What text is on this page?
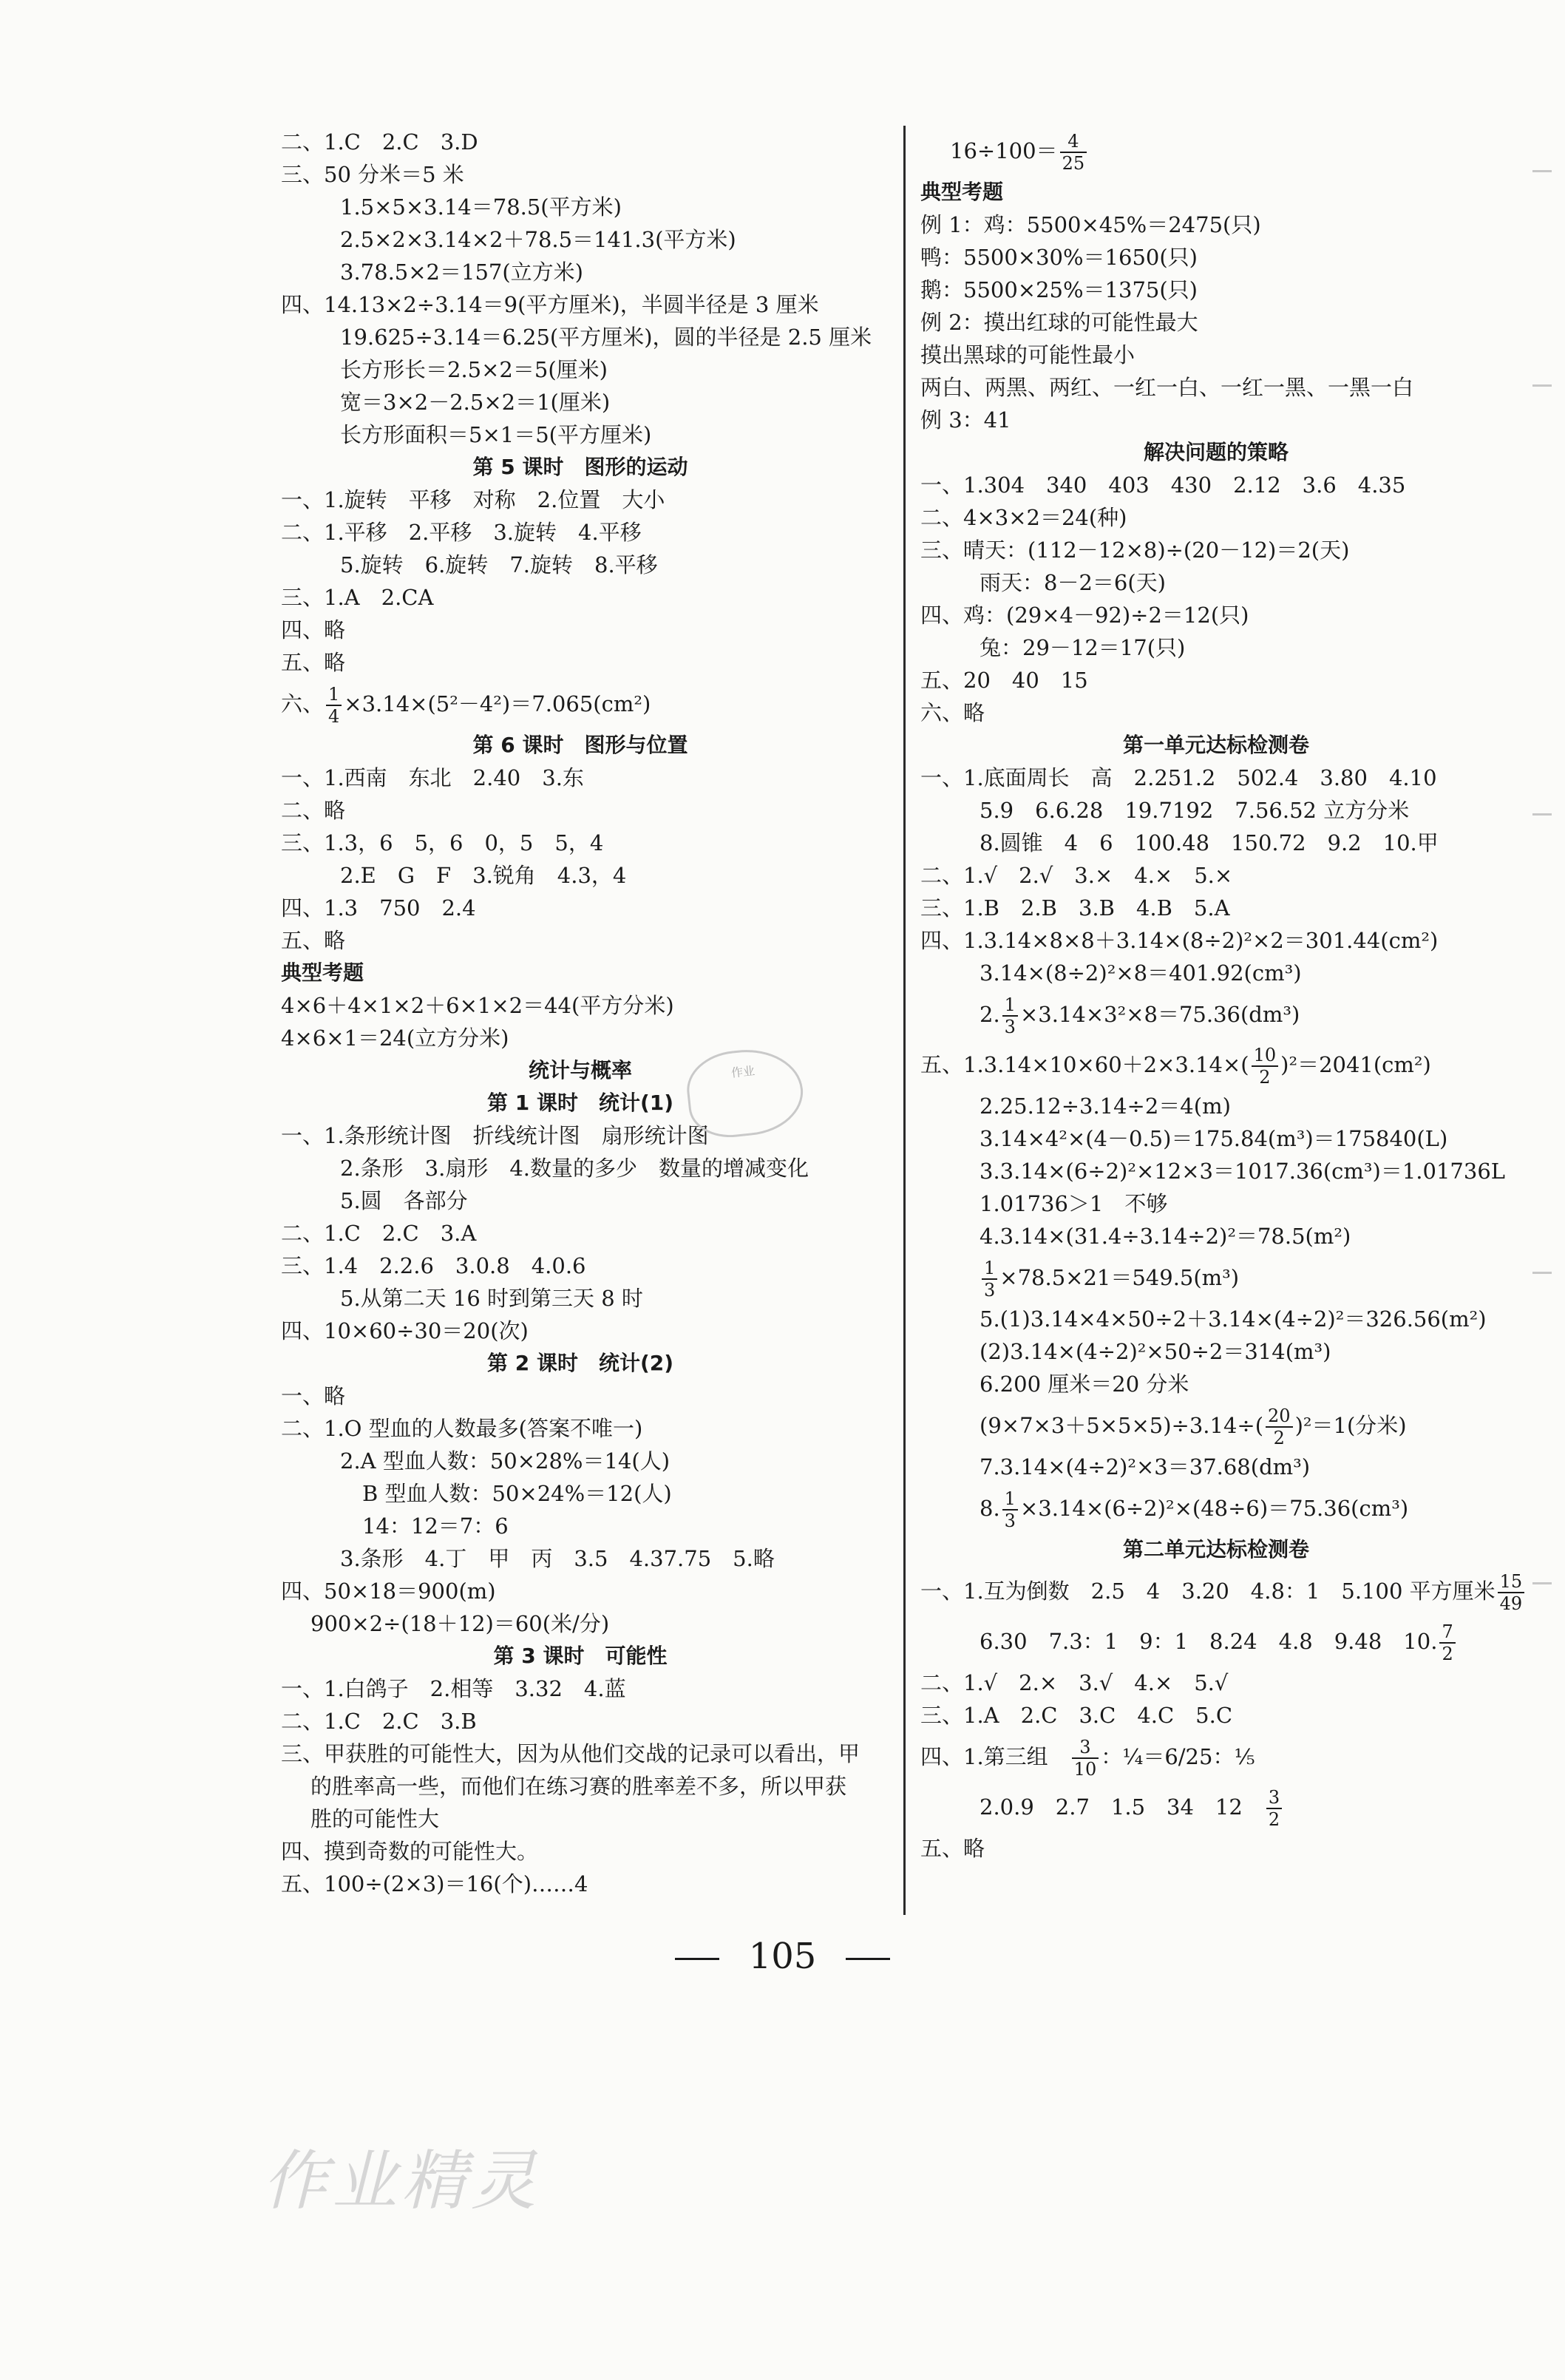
二、1.C　2.C　3.D
三、50 分米＝5 米
1.5×5×3.14＝78.5(平方米)
2.5×2×3.14×2＋78.5＝141.3(平方米)
3.78.5×2＝157(立方米)
四、14.13×2÷3.14＝9(平方厘米)，半圆半径是 3 厘米
19.625÷3.14＝6.25(平方厘米)，圆的半径是 2.5 厘米
长方形长＝2.5×2＝5(厘米)
宽＝3×2－2.5×2＝1(厘米)
长方形面积＝5×1＝5(平方厘米)
第 5 课时　图形的运动
一、1.旋转　平移　对称　2.位置　大小
二、1.平移　2.平移　3.旋转　4.平移
5.旋转　6.旋转　7.旋转　8.平移
三、1.A　2.CA
四、略
五、略
六、 $\frac{1}{4} \times 3.14\times(5^2-4^2)=7.065(cm^2)$
第 6 课时　图形与位置
一、1.西南　东北　2.40　3.东
二、略
三、1.3，6　5，6　0，5　5，4
2.E　G　F　3.锐角　4.3，4
四、1.3　750　2.4
五、略
典型考题
4×6＋4×1×2＋6×1×2＝44(平方分米)
4×6×1＝24(立方分米)
统计与概率
第 1 课时　统计(1)
一、1.条形统计图　折线统计图　扇形统计图
2.条形　3.扇形　4.数量的多少　数量的增减变化
5.圆　各部分
二、1.C　2.C　3.A
三、1.4　2.2.6　3.0.8　4.0.6
5.从第二天 16 时到第三天 8 时
四、10×60÷30＝20(次)
第 2 课时　统计(2)
一、略
二、1.O 型血的人数最多(答案不唯一)
2.A 型血人数：50×28%＝14(人)
B 型血人数：50×24%＝12(人)
14：12＝7：6
3.条形　4.丁　甲　丙　3.5　4.37.75　5.略
四、50×18＝900(m)
900×2÷(18＋12)＝60(米/分)
第 3 课时　可能性
一、1.白鸽子　2.相等　3.32　4.蓝
二、1.C　2.C　3.B
三、甲获胜的可能性大，因为从他们交战的记录可以看出，甲
的胜率高一些，而他们在练习赛的胜率差不多，所以甲获
胜的可能性大
四、摸到奇数的可能性大。
五、100÷(2×3)＝16(个)……4
$16\div 100= \frac{4}{25}$
典型考题
例 1：鸡：5500×45%＝2475(只)
鸭：5500×30%＝1650(只)
鹅：5500×25%＝1375(只)
例 2：摸出红球的可能性最大
摸出黑球的可能性最小
两白、两黑、两红、一红一白、一红一黑、一黑一白
例 3：41
解决问题的策略
一、1.304　340　403　430　2.12　3.6　4.35
二、4×3×2＝24(种)
三、晴天：(112－12×8)÷(20－12)＝2(天)
雨天：8－2＝6(天)
四、鸡：(29×4－92)÷2＝12(只)
兔：29－12＝17(只)
五、20　40　15
六、略
第一单元达标检测卷
一、1.底面周长　高　2.251.2　502.4　3.80　4.10
5.9　6.6.28　19.7192　7.56.52 立方分米
8.圆锥　4　6　100.48　150.72　9.2　10.甲
二、1.√　2.√　3.×　4.×　5.×
三、1.B　2.B　3.B　4.B　5.A
四、1.3.14×8×8＋3.14×(8÷2)²×2＝301.44(cm²)
3.14×(8÷2)²×8＝401.92(cm³)
2. $\frac{1}{3} \times 3.14\times 3^2\times 8=75.36(dm^3)$
五、$1.3.14\times 10\times 60+2\times 3.14\times( \frac{10}{2} )^2=2041(cm^2)$
2.25.12÷3.14÷2＝4(m)
3.14×4²×(4－0.5)＝175.84(m³)＝175840(L)
3.3.14×(6÷2)²×12×3＝1017.36(cm³)＝1.01736L
1.01736＞1　不够
4.3.14×(31.4÷3.14÷2)²＝78.5(m²)
$\frac{1}{3} \times 78.5\times 21=549.5(m^3)$
5.(1)3.14×4×50÷2＋3.14×(4÷2)²＝326.56(m²)
(2)3.14×(4÷2)²×50÷2＝314(m³)
6.200 厘米＝20 分米
$(9\times 7\times 3+5\times 5\times 5)\div 3.14\div( \frac{20}{2} )^2=1$(分米)
7.3.14×(4÷2)²×3＝37.68(dm³)
8. $\frac{1}{3} \times 3.14\times(6\div 2)^2\times(48\div 6)=75.36(cm^3)$
第二单元达标检测卷
一、1.互为倒数　2.5　4　3.20　4.8：1　5.100 平方厘米 $\frac{15}{49}$
6.30　7.3：1　9：1　8.24　4.8　9.48　10. $\frac{7}{2}$
二、1.√　2.×　3.√　4.×　5.√
三、1.A　2.C　3.C　4.C　5.C
四、1.第三组　 $\frac{3}{10}$ ：¼＝6/25：⅕
2.0.9　2.7　1.5　34　12　 $\frac{3}{2}$
五、略
作业
105
作业精灵
